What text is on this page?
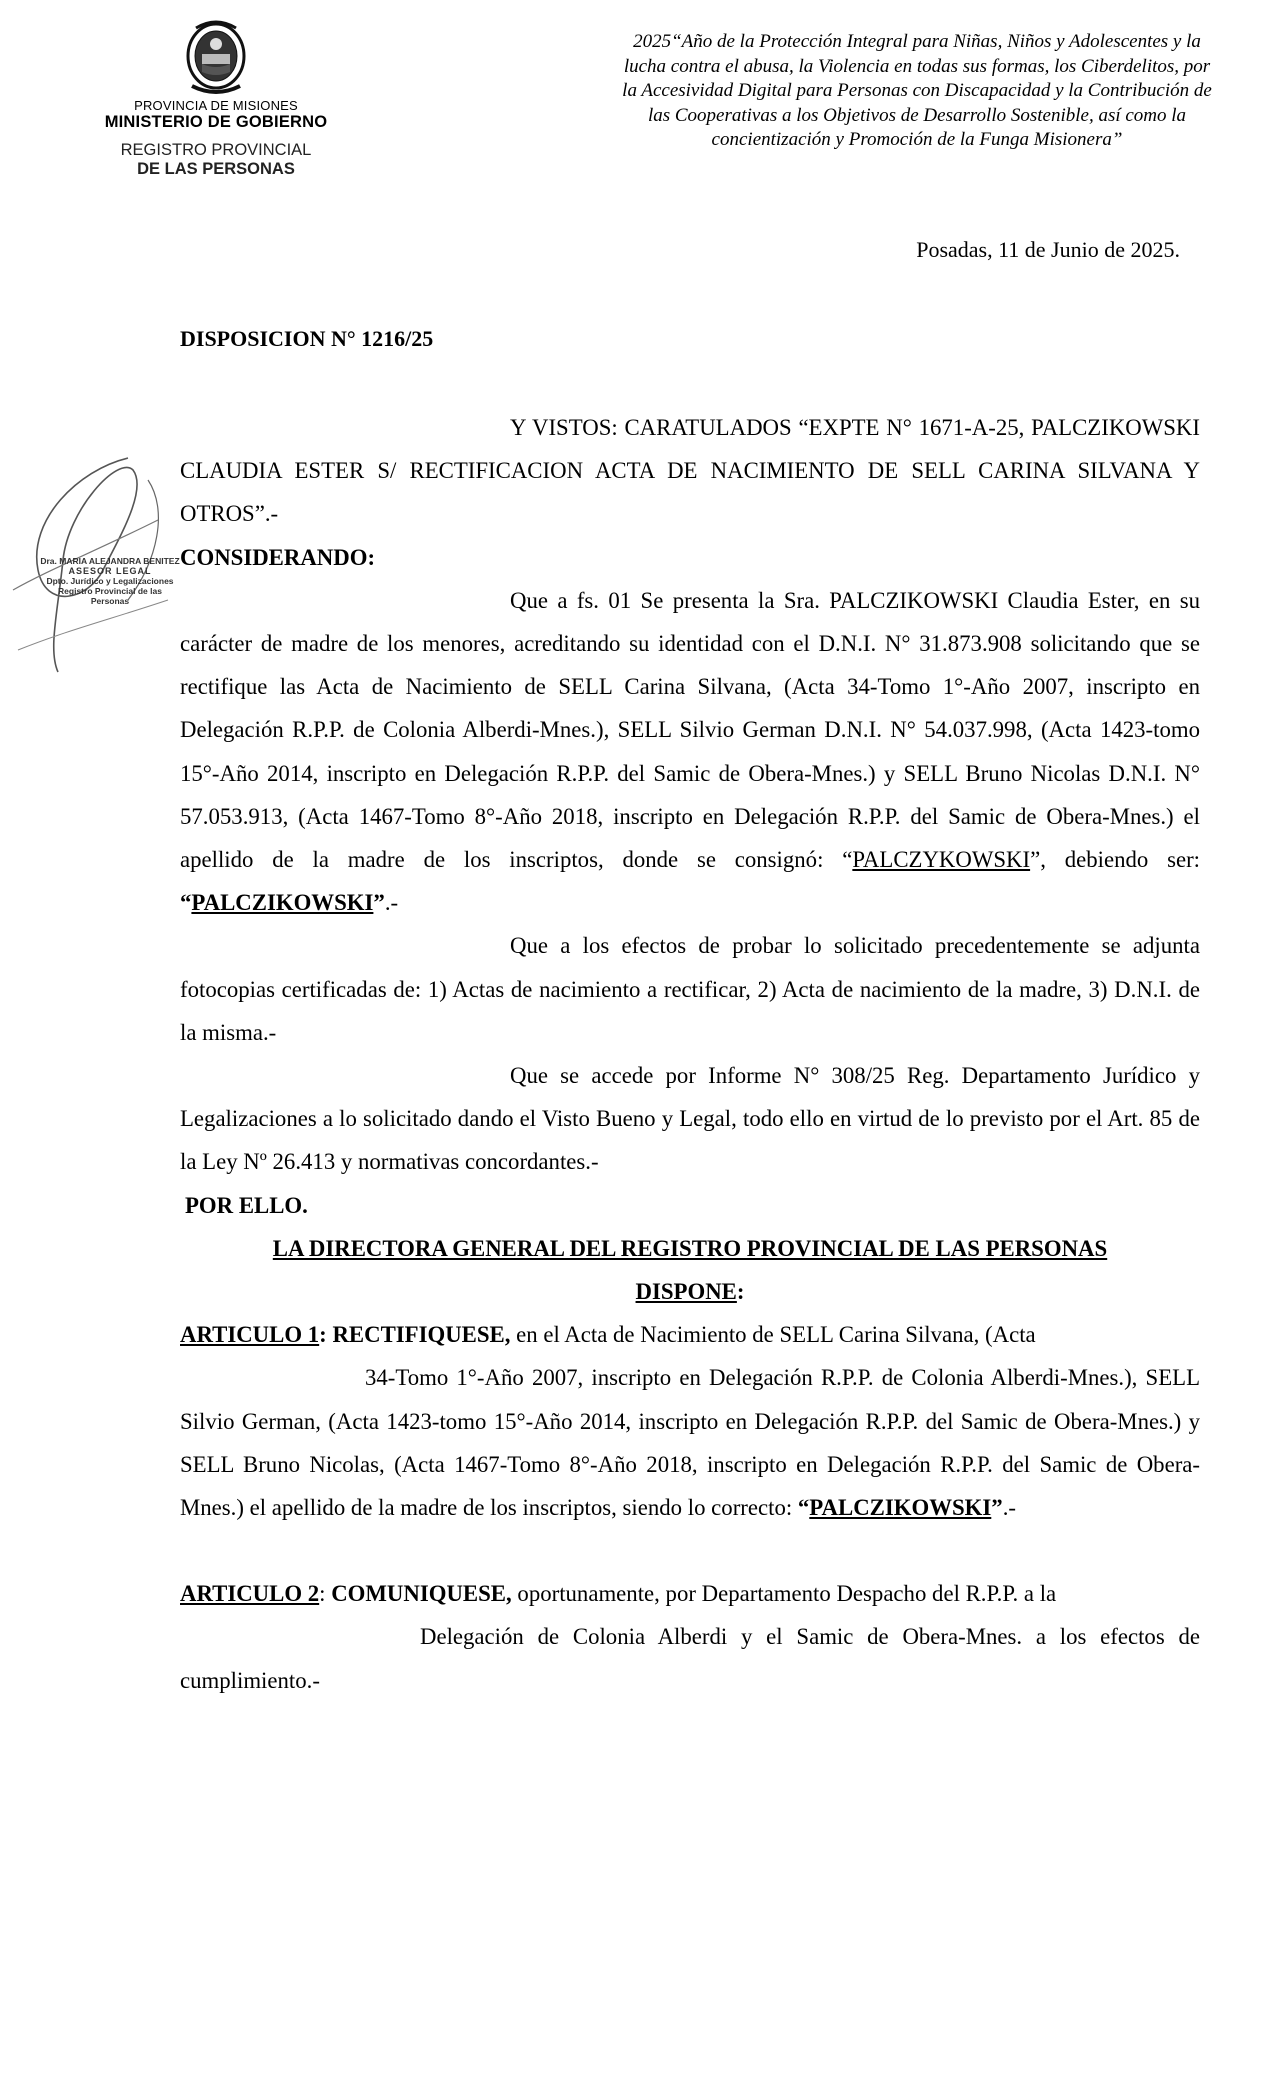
PROVINCIA DE MISIONES
MINISTERIO DE GOBIERNO
REGISTRO PROVINCIAL
DE LAS PERSONAS
2025“Año de la Protección Integral para Niñas, Niños y Adolescentes y la lucha contra el abusa, la Violencia en todas sus formas, los Ciberdelitos, por la Accesividad Digital para Personas con Discapacidad y la Contribución de las Cooperativas a los Objetivos de Desarrollo Sostenible, así como la concientización y Promoción de la Funga Misionera”
Posadas, 11 de Junio de 2025.
DISPOSICION N° 1216/25
Dra. MARIA ALEJANDRA BENITEZ
ASESOR LEGAL
Dpto. Jurídico y Legalizaciones
Registro Provincial de las Personas

Y VISTOS: CARATULADOS “EXPTE N° 1671-A-25, PALCZIKOWSKI CLAUDIA ESTER S/ RECTIFICACION ACTA DE NACIMIENTO DE SELL CARINA SILVANA Y OTROS”.-

CONSIDERANDO:

Que a fs. 01 Se presenta la Sra. PALCZIKOWSKI Claudia Ester, en su carácter de madre de los menores, acreditando su identidad con el D.N.I. N° 31.873.908 solicitando que se rectifique las Acta de Nacimiento de SELL Carina Silvana, (Acta 34-Tomo 1°-Año 2007, inscripto en Delegación R.P.P. de Colonia Alberdi-Mnes.), SELL Silvio German D.N.I. N° 54.037.998, (Acta 1423-tomo 15°-Año 2014, inscripto en Delegación R.P.P. del Samic de Obera-Mnes.) y SELL Bruno Nicolas D.N.I. N° 57.053.913, (Acta 1467-Tomo 8°-Año 2018, inscripto en Delegación R.P.P. del Samic de Obera-Mnes.) el apellido de la madre de los inscriptos, donde se consignó: “PALCZYKOWSKI”, debiendo ser: “PALCZIKOWSKI”.-

Que a los efectos de probar lo solicitado precedentemente se adjunta fotocopias certificadas de: 1) Actas de nacimiento a rectificar, 2) Acta de nacimiento de la madre, 3) D.N.I. de la misma.-

Que se accede por Informe N° 308/25 Reg. Departamento Jurídico y Legalizaciones a lo solicitado dando el Visto Bueno y Legal, todo ello en virtud de lo previsto por el Art. 85 de la Ley Nº 26.413 y normativas concordantes.-

POR ELLO.

LA DIRECTORA GENERAL DEL REGISTRO PROVINCIAL DE LAS PERSONAS

DISPONE:

ARTICULO 1: RECTIFIQUESE, en el Acta de Nacimiento de SELL Carina Silvana, (Acta

34-Tomo 1°-Año 2007, inscripto en Delegación R.P.P. de Colonia Alberdi-Mnes.), SELL Silvio German, (Acta 1423-tomo 15°-Año 2014, inscripto en Delegación R.P.P. del Samic de Obera-Mnes.) y SELL Bruno Nicolas, (Acta 1467-Tomo 8°-Año 2018, inscripto en Delegación R.P.P. del Samic de Obera-Mnes.) el apellido de la madre de los inscriptos, siendo lo correcto: “PALCZIKOWSKI”.-

ARTICULO 2: COMUNIQUESE, oportunamente, por Departamento Despacho del R.P.P. a la

Delegación de Colonia Alberdi y el Samic de Obera-Mnes. a los efectos de cumplimiento.-
